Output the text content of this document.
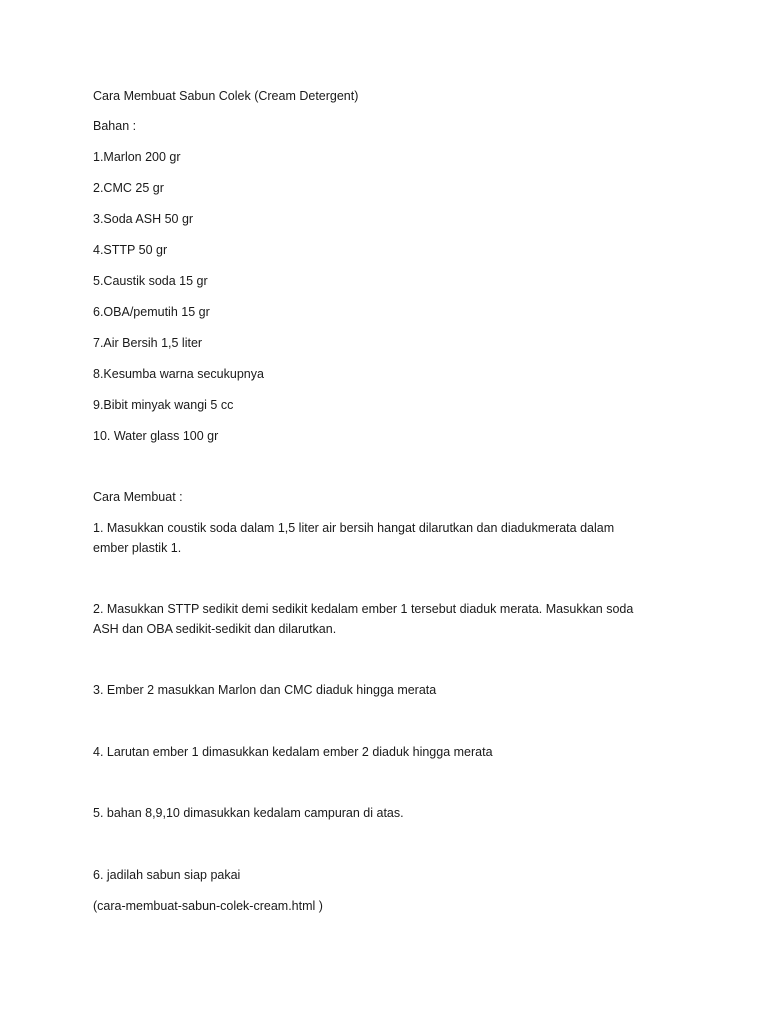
Cara Membuat Sabun Colek (Cream Detergent)

Bahan :

1.Marlon 200 gr

2.CMC 25 gr

3.Soda ASH 50 gr

4.STTP 50 gr

5.Caustik soda 15 gr

6.OBA/pemutih 15 gr

7.Air Bersih 1,5 liter

8.Kesumba warna secukupnya

9.Bibit minyak wangi 5 cc

10. Water glass 100 gr

Cara Membuat :

1. Masukkan coustik soda dalam 1,5 liter air bersih hangat dilarutkan dan diadukmerata dalam ember plastik 1.

2. Masukkan STTP sedikit demi sedikit kedalam ember 1 tersebut diaduk merata. Masukkan soda ASH dan OBA sedikit-sedikit dan dilarutkan.

3. Ember 2 masukkan Marlon dan CMC diaduk hingga merata

4. Larutan ember 1 dimasukkan kedalam ember 2 diaduk hingga merata

5. bahan 8,9,10 dimasukkan kedalam campuran di atas.

6. jadilah sabun siap pakai

(cara-membuat-sabun-colek-cream.html )
